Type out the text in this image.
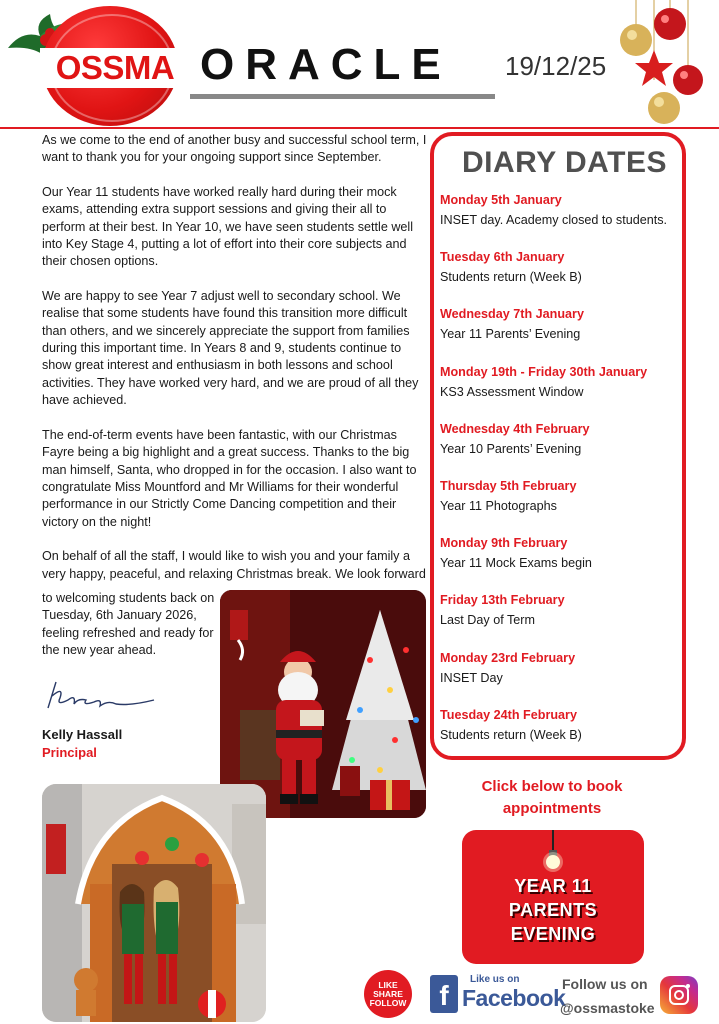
OSSMA ORACLE 19/12/25

As we come to the end of another busy and successful school term, I want to thank you for your ongoing support since September.

Our Year 11 students have worked really hard during their mock exams, attending extra support sessions and giving their all to perform at their best. In Year 10, we have seen students settle well into Key Stage 4, putting a lot of effort into their core subjects and their chosen options.

We are happy to see Year 7 adjust well to secondary school. We realise that some students have found this transition more difficult than others, and we sincerely appreciate the support from families during this important time. In Years 8 and 9, students continue to show great interest and enthusiasm in both lessons and school activities. They have worked very hard, and we are proud of all they have achieved.

The end-of-term events have been fantastic, with our Christmas Fayre being a big highlight and a great success. Thanks to the big man himself, Santa, who dropped in for the occasion. I also want to congratulate Miss Mountford and Mr Williams for their wonderful performance in our Strictly Come Dancing competition and their victory on the night!

On behalf of all the staff, I would like to wish you and your family a very happy, peaceful, and relaxing Christmas break. We look forward

to welcoming students back on Tuesday, 6th January 2026, feeling refreshed and ready for the new year ahead.
Kelly Hassall
Principal
DIARY DATES
Monday 5th January
INSET day. Academy closed to students.
Tuesday 6th January
Students return (Week B)
Wednesday 7th January
Year 11 Parents’ Evening
Monday 19th - Friday 30th January
KS3 Assessment Window
Wednesday 4th February
Year 10 Parents’ Evening
Thursday 5th February
Year 11 Photographs
Monday 9th February
Year 11 Mock Exams begin
Friday 13th February
Last Day of Term
Monday 23rd February
INSET Day
Tuesday 24th February
Students return (Week B)
Click below to book appointments
YEAR 11
PARENTS
EVENING
LIKE
SHARE
FOLLOW	f
Like us on
Facebook
Follow us on
@ossmastoke
